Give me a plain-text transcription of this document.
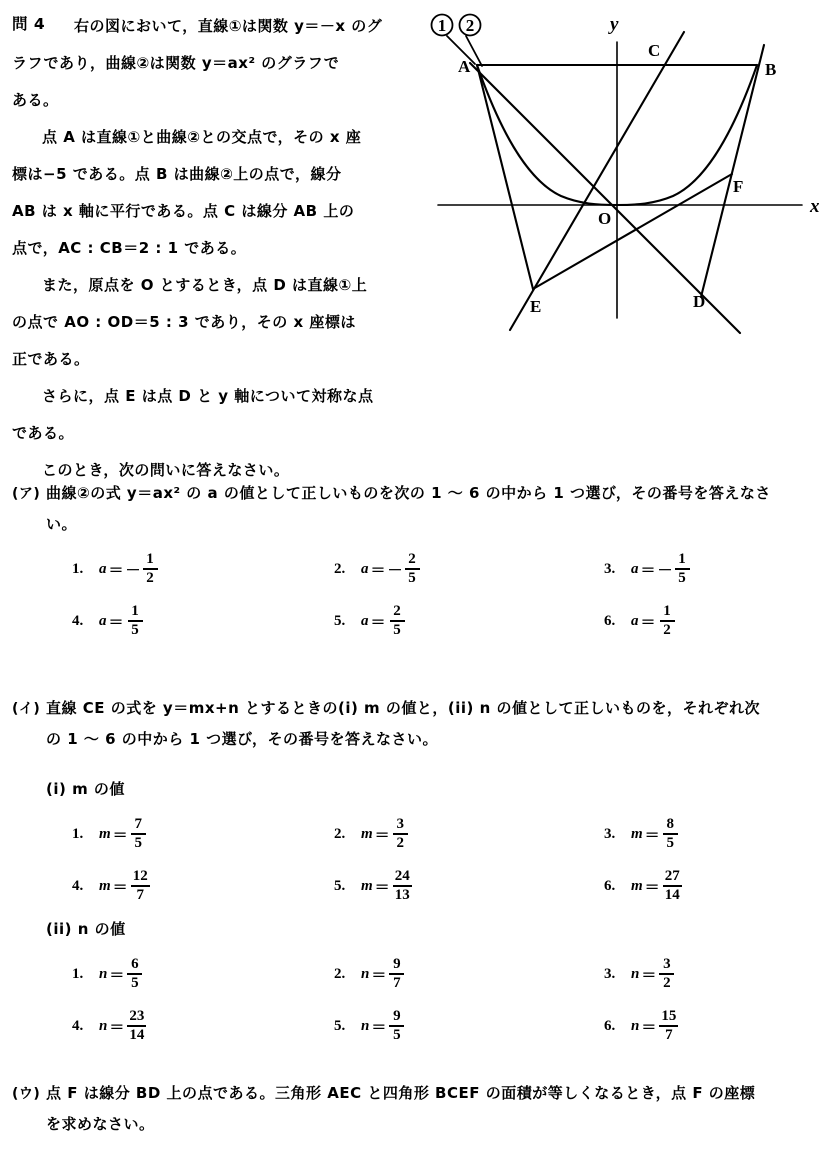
問 4	右の図において，直線①は関数 y＝－x のグ
ラフであり，曲線②は関数 y＝ax² のグラフで
ある。
点 A は直線①と曲線②との交点で，その x 座
標は−5 である。点 B は曲線②上の点で，線分
AB は x 軸に平行である。点 C は線分 AB 上の
点で，AC : CB＝2 : 1 である。
また，原点を O とするとき，点 D は直線①上
の点で AO : OD＝5 : 3 であり，その x 座標は
正である。
さらに，点 E は点 D と y 軸について対称な点
である。
このとき，次の問いに答えなさい。
1 2
A	B
C
D
E
F
O
x
y
(ア) 曲線②の式 y＝ax² の a の値として正しいものを次の 1 ～ 6 の中から 1 つ選び，その番号を答えなさ
い。
1.	a ＝ － $\frac{1}{2}$	2.	a ＝ － $\frac{2}{5}$	3.	a ＝ － $\frac{1}{5}$
4.	$a = \frac{1}{5}$	5.	$a = \frac{2}{5}$	6.	$a = \frac{1}{2}$
(イ) 直線 CE の式を y＝mx+n とするときの(i) m の値と，(ii) n の値として正しいものを，それぞれ次
の 1 ～ 6 の中から 1 つ選び，その番号を答えなさい。
(i) m の値
1.	$m = \frac{7}{5}$	2.	$m = \frac{3}{2}$	3.	$m = \frac{8}{5}$
4.	$m = \frac{12}{7}$	5.	$m = \frac{24}{13}$	6.	$m = \frac{27}{14}$
(ii) n の値
1.	$n = \frac{6}{5}$	2.	$n = \frac{9}{7}$	3.	$n = \frac{3}{2}$
4.	$n = \frac{23}{14}$	5.	$n = \frac{9}{5}$	6.	$n = \frac{15}{7}$
(ウ) 点 F は線分 BD 上の点である。三角形 AEC と四角形 BCEF の面積が等しくなるとき，点 F の座標
を求めなさい。
